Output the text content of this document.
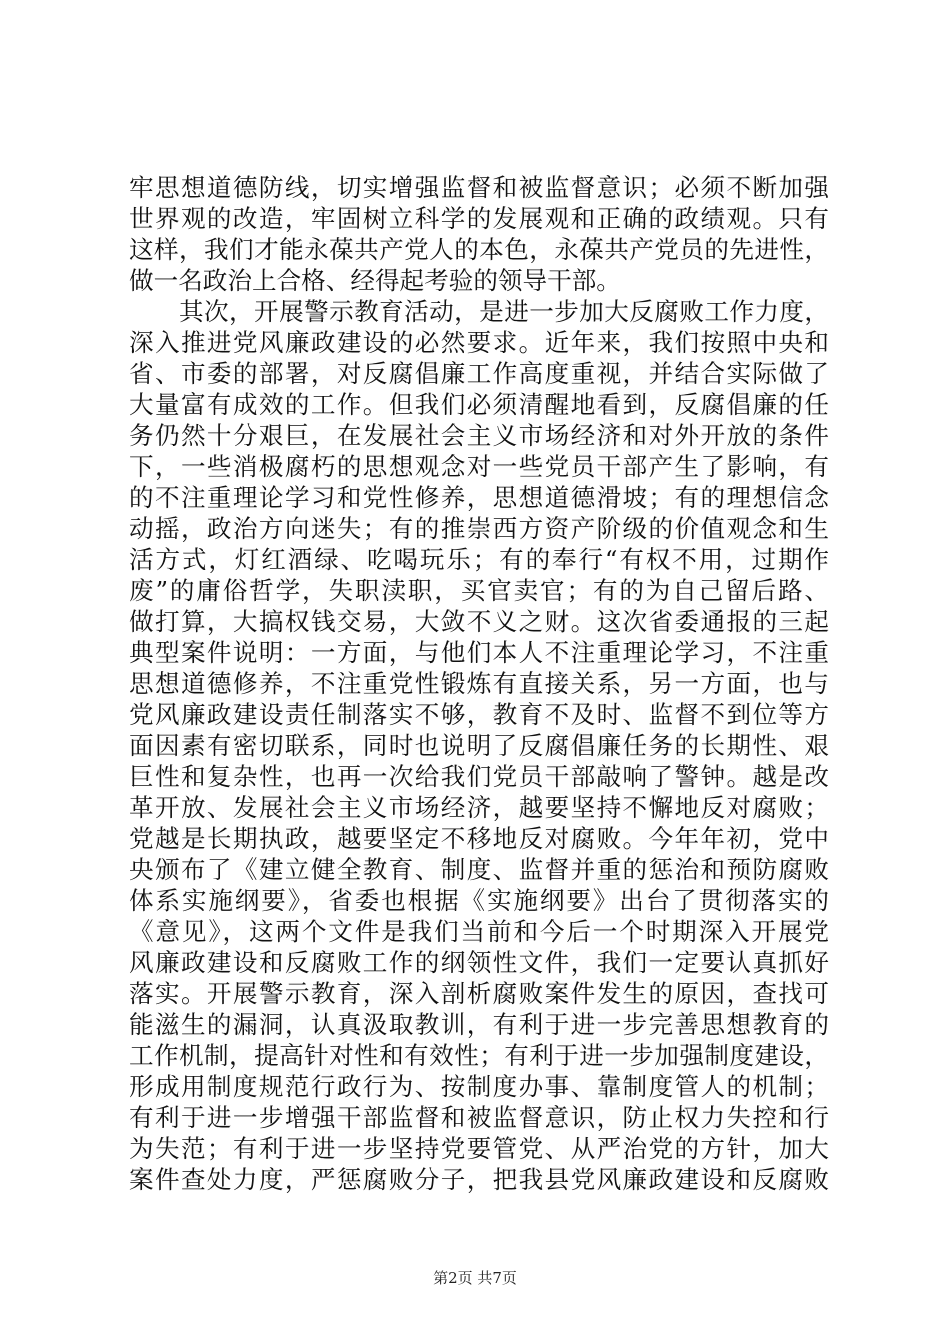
牢思想道德防线，切实增强监督和被监督意识；必须不断加强
世界观的改造，牢固树立科学的发展观和正确的政绩观。只有
这样，我们才能永葆共产党人的本色，永葆共产党员的先进性，
做一名政治上合格、经得起考验的领导干部。
其次，开展警示教育活动，是进一步加大反腐败工作力度，
深入推进党风廉政建设的必然要求。近年来，我们按照中央和
省、市委的部署，对反腐倡廉工作高度重视，并结合实际做了
大量富有成效的工作。但我们必须清醒地看到，反腐倡廉的任
务仍然十分艰巨，在发展社会主义市场经济和对外开放的条件
下，一些消极腐朽的思想观念对一些党员干部产生了影响，有
的不注重理论学习和党性修养，思想道德滑坡；有的理想信念
动摇，政治方向迷失；有的推崇西方资产阶级的价值观念和生
活方式，灯红酒绿、吃喝玩乐；有的奉行“有权不用，过期作
废”的庸俗哲学，失职渎职，买官卖官；有的为自己留后路、
做打算，大搞权钱交易，大敛不义之财。这次省委通报的三起
典型案件说明：一方面，与他们本人不注重理论学习，不注重
思想道德修养，不注重党性锻炼有直接关系，另一方面，也与
党风廉政建设责任制落实不够，教育不及时、监督不到位等方
面因素有密切联系，同时也说明了反腐倡廉任务的长期性、艰
巨性和复杂性，也再一次给我们党员干部敲响了警钟。越是改
革开放、发展社会主义市场经济，越要坚持不懈地反对腐败；
党越是长期执政，越要坚定不移地反对腐败。今年年初，党中
央颁布了《建立健全教育、制度、监督并重的惩治和预防腐败
体系实施纲要》，省委也根据《实施纲要》出台了贯彻落实的
《意见》，这两个文件是我们当前和今后一个时期深入开展党
风廉政建设和反腐败工作的纲领性文件，我们一定要认真抓好
落实。开展警示教育，深入剖析腐败案件发生的原因，查找可
能滋生的漏洞，认真汲取教训，有利于进一步完善思想教育的
工作机制，提高针对性和有效性；有利于进一步加强制度建设，
形成用制度规范行政行为、按制度办事、靠制度管人的机制；
有利于进一步增强干部监督和被监督意识，防止权力失控和行
为失范；有利于进一步坚持党要管党、从严治党的方针，加大
案件查处力度，严惩腐败分子，把我县党风廉政建设和反腐败
第2页 共7页
